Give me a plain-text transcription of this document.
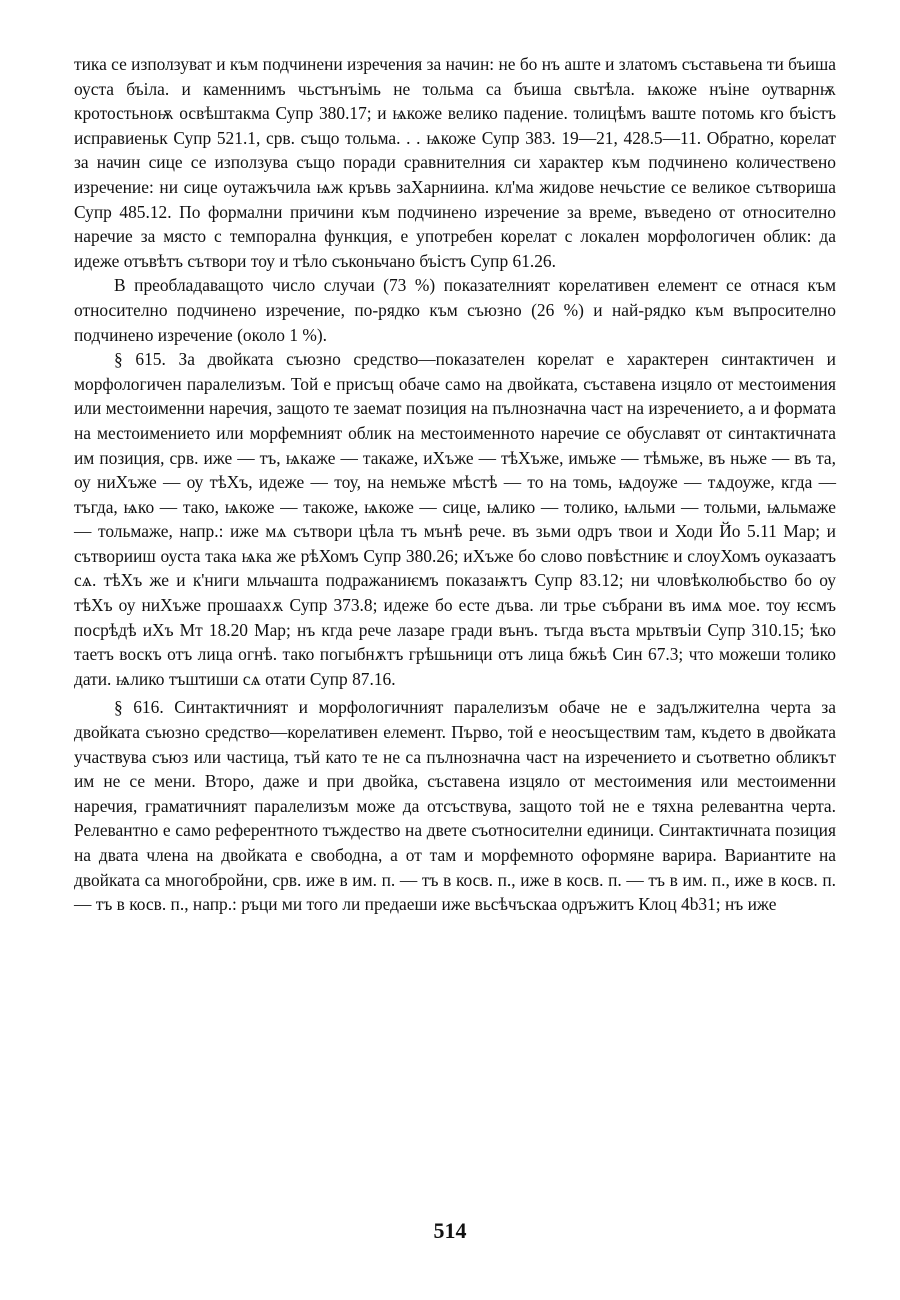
тика се използуват и към подчинени изречения за начин: не бо нъ аште и златомъ съставьена ти бъиша оуста бъіла. и каменнимъ чьстънъімь не тольма са бъиша свьтѣла. ѩкоже нъіне оутварнѭ кротостьноѭ освѣштакма Супр 380.17; и ѩкоже велико падениe. толицѣмъ ваште потомь кго бъістъ исправиеньк Супр 521.1, срв. също тольма. . . ѩкоже Супр 383. 19—21, 428.5—11. Обратно, корелат за начин сице се използува също поради сравнителния си характер към подчинено количествено изречение: ни сице оутажъчила ѩж кръвь заХарниина. кл'ма жидове нечьстиe се великое сътворишa Супр 485.12. По формални причини към подчинено изречение за време, въведено от относително наречие за място с темпорална функция, е употребен корелат с локален морфологичен облик: да идеже отъвѣтъ сътвори тоу и тѣло съконьчано бъістъ Супр 61.26.

В преобладаващото число случаи (73 %) показателният корелативен елемент се отнася към относително подчинено изречение, по-рядко към съюзно (26 %) и най-рядко към въпросително подчинено изречение (около 1 %).

§ 615. За двойката съюзно средство—показателен корелат е характерен синтактичен и морфологичен паралелизъм. Той е присъщ обаче само на двойката, съставена изцяло от местоимения или местоименни наречия, защото те заемат позиция на пълнозначна част на изречението, а и формата на местоимението или морфемният облик на местоименното наречие се обуславят от синтактичната им позиция, срв. иже — тъ, ѩкаже — такаже, иХъже — тѣХъже, имьже — тѣмьже, въ ньже — въ та, оу ниХъже — оу тѣХъ, идеже — тоу, на немьже мѣстѣ — то на томь, ѩдоуже — тѧдоуже, кгда — тъгда, ѩко — тако, ѩкоже — такоже, ѩкоже — сице, ѩлико — толико, ѩльми — тольми, ѩльмаже — тольмаже, напр.: иже мѧ сътвори цѣла тъ мънѣ рече. въ зьми одръ твои и Ходи Йо 5.11 Мар; и сътворииш оуста така ѩка же рѣХомъ Супр 380.26; иХъже бо слово повѣстниѥ и слоуХомъ оуказаатъ сѧ. тѣХъ же и к'ниги мльчашта подражаниѥмъ показаѭтъ Супр 83.12; ни чловѣколюбьство бо оу тѣХъ оу ниХъже прошаахѫ Супр 373.8; идеже бо есте дъва. ли трье събрани въ имѧ мое. тоу ѥсмъ посрѣдѣ иХъ Мт 18.20 Мар; нъ кгда рече лазаре гради вънъ. тъгда въста мрьтвъіи Супр 310.15; ѣко таетъ воскъ отъ лица огнѣ. тако погыбнѫтъ грѣшьници отъ лица бжьѣ Син 67.3; что можеши толико дати. ѩлико тъштиши сѧ отати Супр 87.16.

§ 616. Синтактичният и морфологичният паралелизъм обаче не е задължителна черта за двойката съюзно средство—корелативен елемент. Първо, той е неосъществим там, където в двойката участвува съюз или частица, тъй като те не са пълнозначна част на изречението и съответно обликът им не се мени. Второ, даже и при двойка, съставена изцяло от местоимения или местоименни наречия, граматичният паралелизъм може да отсъствува, защото той не е тяхна релевантна черта. Релевантно е само референтното тъждество на двете съотносителни единици. Синтактичната позиция на двата члена на двойката е свободна, а от там и морфемното оформяне варира. Вариантите на двойката са многобройни, срв. иже в им. п. — тъ в косв. п., иже в косв. п. — тъ в им. п., иже в косв. п. — тъ в косв. п., напр.: ръци ми того ли предаеши иже вьсѣчъскаа одръжитъ Клоц 4b31; нъ иже

514
